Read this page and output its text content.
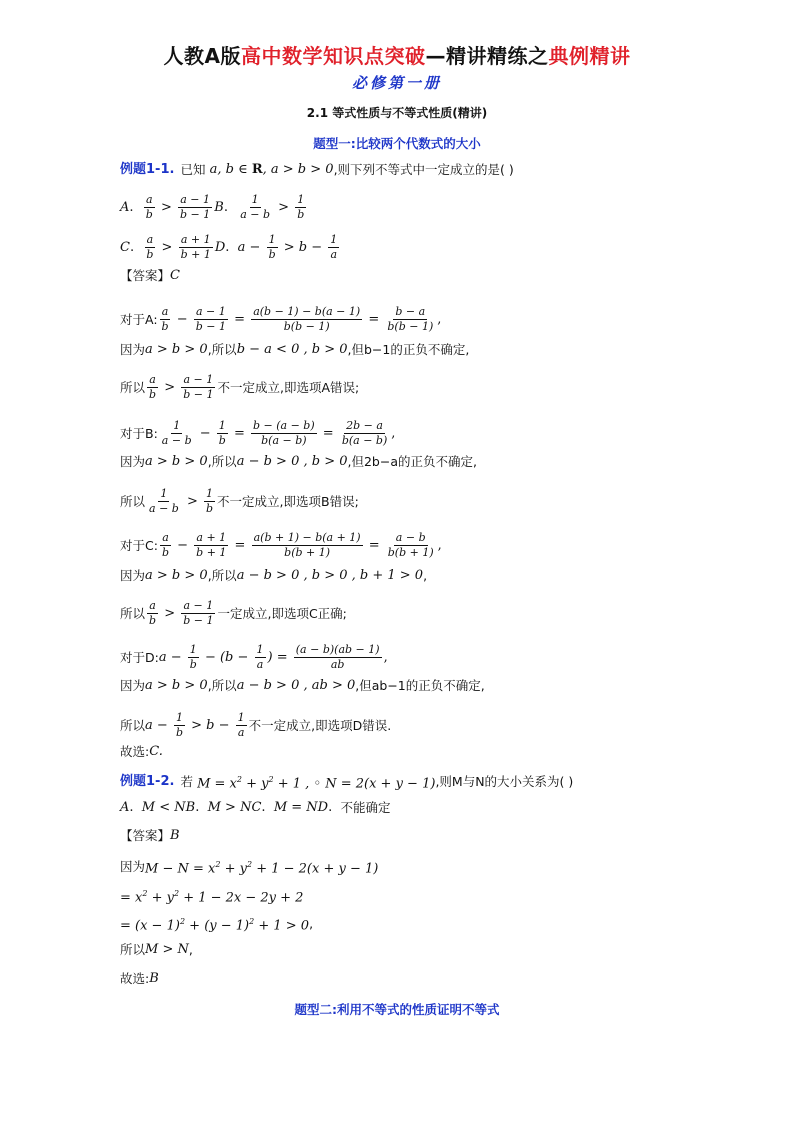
人教A版高中数学知识点突破—精讲精练之典例精讲
必修第一册
2.1 等式性质与不等式性质(精讲)
题型一:比较两个代数式的大小
例题1-1. 已知 a, b ∈ R, a > b > 0 ,则下列不等式中一定成立的是( )
A . $\frac{a}{b} > \frac{a - 1}{b - 1}$ B . $\frac{1}{a - b} > \frac{1}{b}$
C . $\frac{a}{b} > \frac{a + 1}{b + 1}$ D . $a - \frac{1}{b} > b - \frac{1}{a}$
【答案】 C
对于A: $\frac{a}{b} - \frac{a - 1}{b - 1} = \frac{a(b - 1) - b(a - 1)}{b(b - 1)} = \frac{b - a}{b(b - 1)}$ ,
因为 a > b > 0 , 所以 b − a < 0 , b > 0 ,但b−1的正负不确定,
所以 $\frac{a}{b} > \frac{a - 1}{b - 1}$ 不一定成立,即选项A错误;
对于B: $\frac{1}{a - b} - \frac{1}{b} = \frac{b - (a - b)}{b(a - b)} = \frac{2b - a}{b(a - b)}$ ,
因为 a > b > 0 , 所以 a − b > 0 , b > 0 ,但2b−a的正负不确定,
所以 $\frac{1}{a - b} > \frac{1}{b}$ 不一定成立,即选项B错误;
对于C: $\frac{a}{b} - \frac{a + 1}{b + 1} = \frac{a(b + 1) - b(a + 1)}{b(b + 1)} = \frac{a - b}{b(b + 1)}$ ,
因为 a > b > 0 , 所以 a − b > 0 , b > 0 , b + 1 > 0 ,
所以 $\frac{a}{b} > \frac{a - 1}{b - 1}$ 一定成立,即选项C正确;
对于D: $a - \frac{1}{b} - (b - \frac{1}{a}$ ) = $\frac{(a - b)(ab - 1)}{ab}$ ,
因为 a > b > 0 , 所以 a − b > 0 , ab > 0 ,但ab−1的正负不确定,
所以 $a - \frac{1}{b} > b - \frac{1}{a}$ 不一定成立,即选项D错误.
故选: C.
例题1-2. 若 $M = x^2 + y^2 + 1$ , ◦ N = 2(x + y − 1) ,则M与N的大小关系为( )
A . M < NB . M > NC . M = ND . 不能确定
【答案】 B
因为 $M - N = x^2 + y^2 + 1 - 2(x + y - 1)$
= $x^2 + y^2 + 1 - 2x - 2y + 2$
= $(x - 1)^2 + (y - 1)^2 + 1 > 0$ ,
所以 M > N ,
故选: B
题型二:利用不等式的性质证明不等式
